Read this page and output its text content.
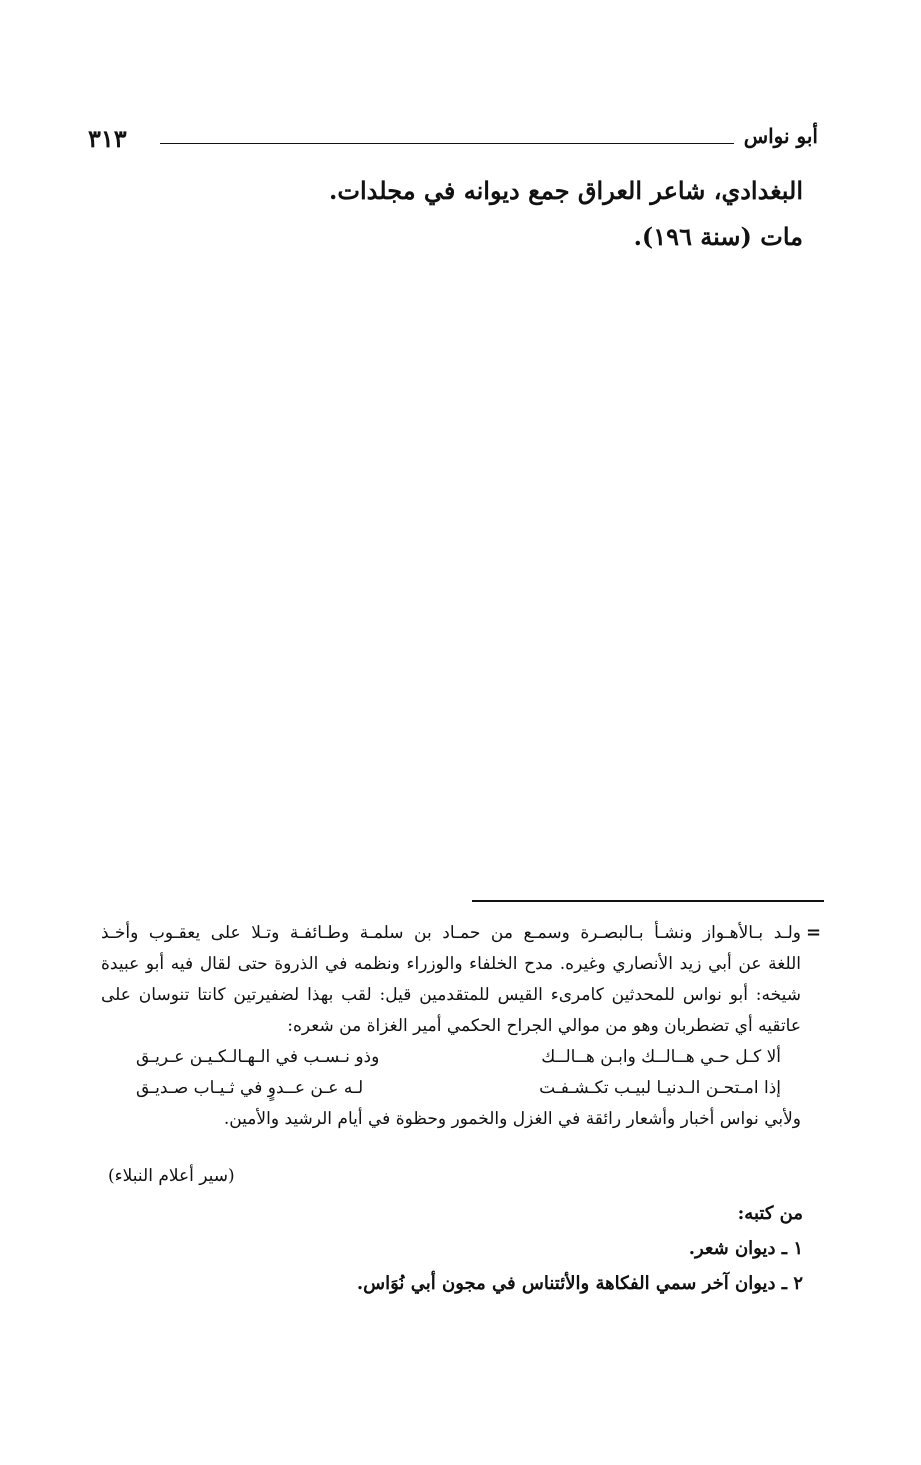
أبو نواس
٣١٣
البغدادي، شاعر العراق جمع ديوانه في مجلدات.
مات (سنة ١٩٦).
=
ولـد بـالأهـواز ونشـأ بـالبصـرة وسمـع من حمـاد بن سلمـة وطـائفـة وتـلا على يعقـوب وأخـذ
اللغة عن أبي زيد الأنصاري وغيره. مدح الخلفاء والوزراء ونظمه في الذروة حتى لقال فيه أبو عبيدة
شيخه: أبو نواس للمحدثين كامرىء القيس للمتقدمين قيل: لقب بهذا لضفيرتين كانتا تنوسان على
عاتقيه أي تضطربان وهو من موالي الجراح الحكمي أمير الغزاة من شعره:
ألا كـل حـي هــالــك وابـن هــالــك
وذو نـسـب في الـهـالـكـيـن عـريـق
إذا امـتحـن الـدنيـا لبيـب تكـشـفـت
لـه عـن عــدوٍ في ثـيـاب صـديـق
ولأبي نواس أخبار وأشعار رائقة في الغزل والخمور وحظوة في أيام الرشيد والأمين.
(سير أعلام النبلاء)
من كتبه:
١ ـ ديوان شعر.
٢ ـ ديوان آخر سمي الفكاهة والأئتناس في مجون أبي نُوَاس.
